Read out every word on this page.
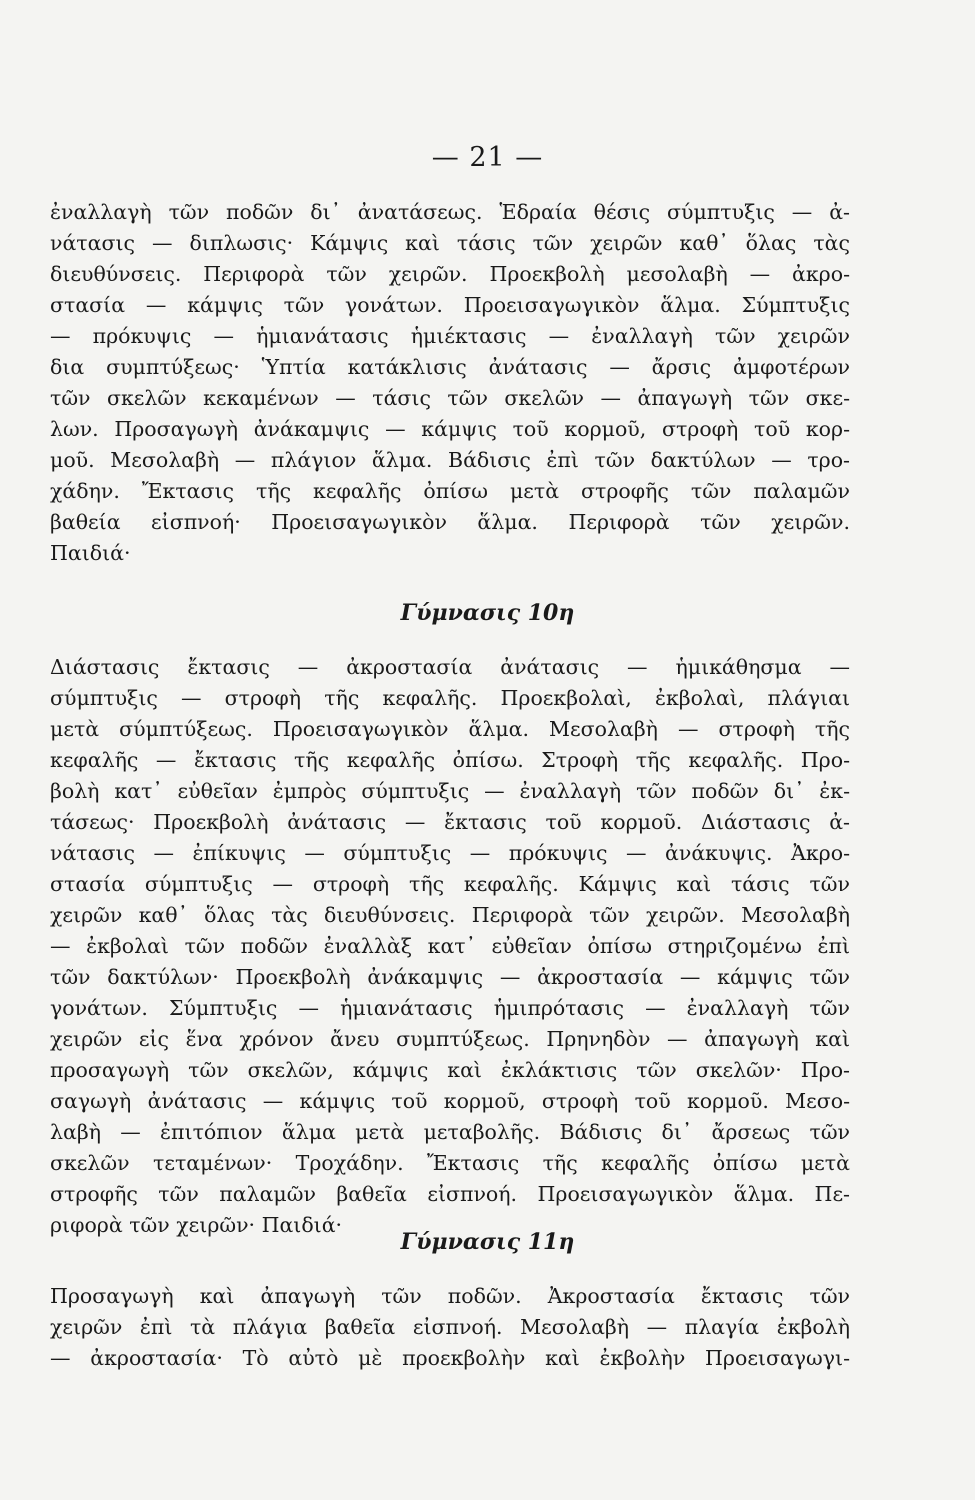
— 21 —
ἐναλλαγὴ τῶν ποδῶν δι᾽ ἀνατάσεως. Ἑδραία θέσις σύμπτυξις — ἀ-
νάτασις — διπλωσις· Κάμψις καὶ τάσις τῶν χειρῶν καθ᾽ ὅλας τὰς
διευθύνσεις. Περιφορὰ τῶν χειρῶν. Προεκβολὴ μεσολαβὴ — ἀκρο-
στασία — κάμψις τῶν γονάτων. Προεισαγωγικὸν ἅλμα. Σύμπτυξις
— πρόκυψις — ἡμιανάτασις ἡμιέκτασις — ἐναλλαγὴ τῶν χειρῶν
δια συμπτύξεως· Ὑπτία κατάκλισις ἀνάτασις — ἄρσις ἀμφοτέρων
τῶν σκελῶν κεκαμένων — τάσις τῶν σκελῶν — ἀπαγωγὴ τῶν σκε-
λων. Προσαγωγὴ ἀνάκαμψις — κάμψις τοῦ κορμοῦ, στροφὴ τοῦ κορ-
μοῦ. Μεσολαβὴ — πλάγιον ἅλμα. Βάδισις ἐπὶ τῶν δακτύλων — τρο-
χάδην. Ἔκτασις τῆς κεφαλῆς ὀπίσω μετὰ στροφῆς τῶν παλαμῶν
βαθεία εἰσπνοή· Προεισαγωγικὸν ἅλμα. Περιφορὰ τῶν χειρῶν.
Παιδιά·
Γύμνασις 10η
Διάστασις ἔκτασις — ἀκροστασία ἀνάτασις — ἡμικάθησμα —
σύμπτυξις — στροφὴ τῆς κεφαλῆς. Προεκβολαὶ, ἐκβολαὶ, πλάγιαι
μετὰ σύμπτύξεως. Προεισαγωγικὸν ἅλμα. Μεσολαβὴ — στροφὴ τῆς
κεφαλῆς — ἔκτασις τῆς κεφαλῆς ὀπίσω. Στροφὴ τῆς κεφαλῆς. Προ-
βολὴ κατ᾽ εὐθεῖαν ἐμπρὸς σύμπτυξις — ἐναλλαγὴ τῶν ποδῶν δι᾽ ἐκ-
τάσεως· Προεκβολὴ ἀνάτασις — ἔκτασις τοῦ κορμοῦ. Διάστασις ἀ-
νάτασις — ἐπίκυψις — σύμπτυξις — πρόκυψις — ἀνάκυψις. Ἀκρο-
στασία σύμπτυξις — στροφὴ τῆς κεφαλῆς. Κάμψις καὶ τάσις τῶν
χειρῶν καθ᾽ ὅλας τὰς διευθύνσεις. Περιφορὰ τῶν χειρῶν. Μεσολαβὴ
— ἐκβολαὶ τῶν ποδῶν ἐναλλὰξ κατ᾽ εὐθεῖαν ὀπίσω στηριζομένω ἐπὶ
τῶν δακτύλων· Προεκβολὴ ἀνάκαμψις — ἀκροστασία — κάμψις τῶν
γονάτων. Σύμπτυξις — ἡμιανάτασις ἡμιπρότασις — ἐναλλαγὴ τῶν
χειρῶν εἰς ἕνα χρόνον ἄνευ συμπτύξεως. Πρηνηδὸν — ἀπαγωγὴ καὶ
προσαγωγὴ τῶν σκελῶν, κάμψις καὶ ἐκλάκτισις τῶν σκελῶν· Προ-
σαγωγὴ ἀνάτασις — κάμψις τοῦ κορμοῦ, στροφὴ τοῦ κορμοῦ. Μεσο-
λαβὴ — ἐπιτόπιον ἅλμα μετὰ μεταβολῆς. Βάδισις δι᾽ ἄρσεως τῶν
σκελῶν τεταμένων· Τροχάδην. Ἔκτασις τῆς κεφαλῆς ὀπίσω μετὰ
στροφῆς τῶν παλαμῶν βαθεῖα εἰσπνοή. Προεισαγωγικὸν ἅλμα. Πε-
ριφορὰ τῶν χειρῶν· Παιδιά·
Γύμνασις 11η
Προσαγωγὴ καὶ ἀπαγωγὴ τῶν ποδῶν. Ἀκροστασία ἔκτασις τῶν
χειρῶν ἐπὶ τὰ πλάγια βαθεῖα εἰσπνοή. Μεσολαβὴ — πλαγία ἐκβολὴ
— ἀκροστασία· Τὸ αὐτὸ μὲ προεκβολὴν καὶ ἐκβολὴν Προεισαγωγι-
